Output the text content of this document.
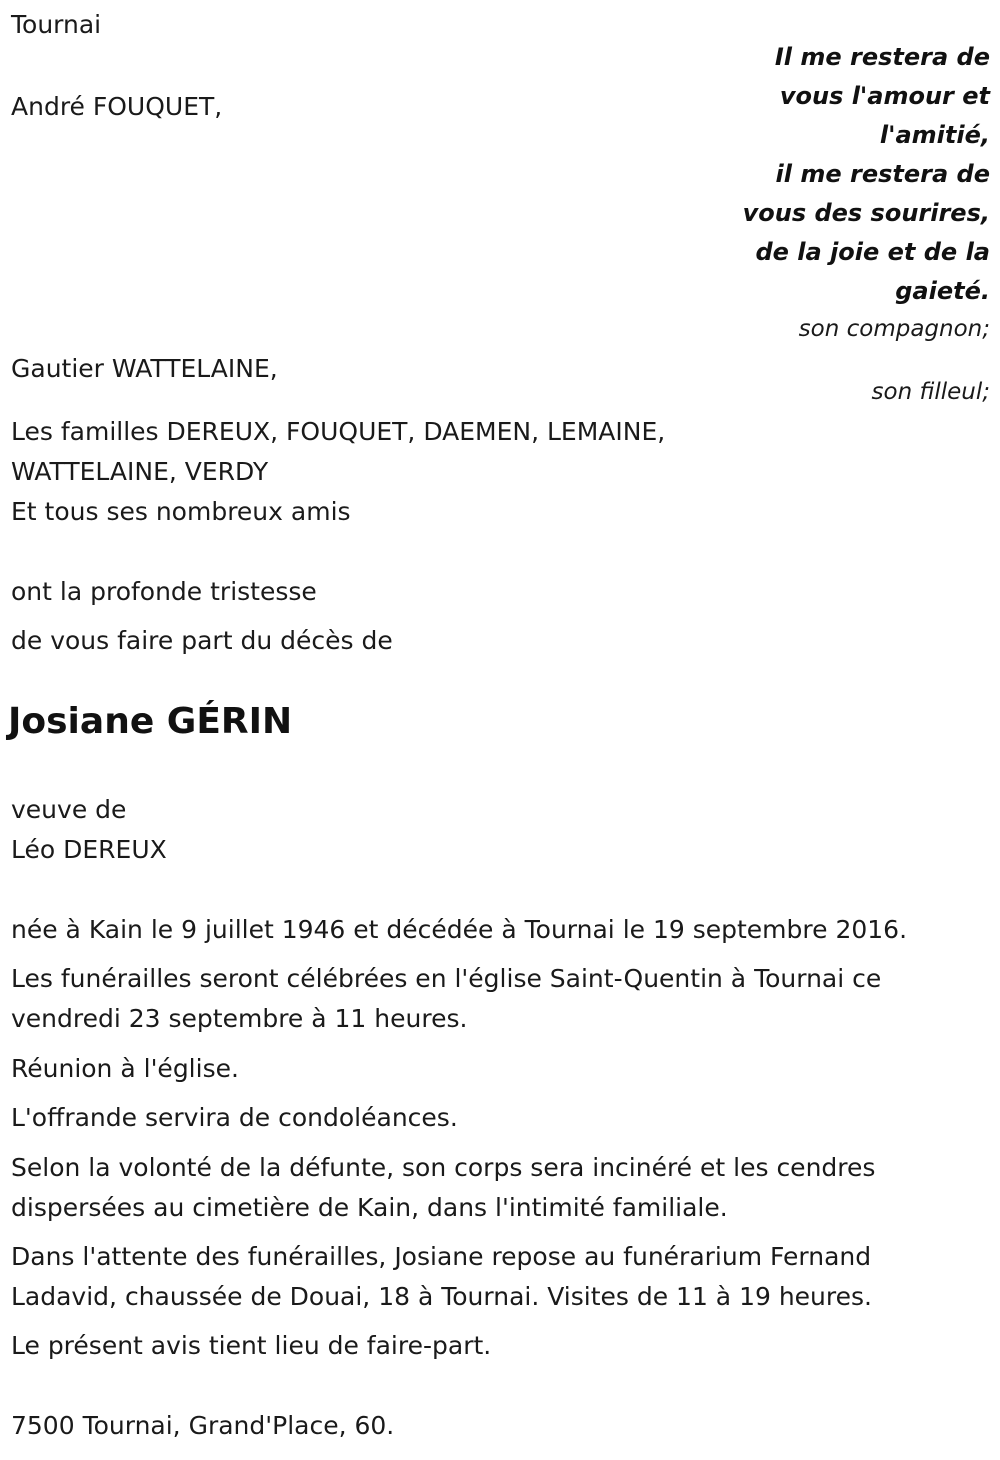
Tournai

Il me restera de

vous l'amour et

l'amitié,

il me restera de

vous des sourires,

de la joie et de la

gaieté.

André FOUQUET,

son compagnon;

Gautier WATTELAINE,

son filleul;

Les familles DEREUX, FOUQUET, DAEMEN, LEMAINE,

WATTELAINE, VERDY

Et tous ses nombreux amis

ont la profonde tristesse

de vous faire part du décès de

Josiane GÉRIN

veuve de

Léo DEREUX

née à Kain le 9 juillet 1946 et décédée à Tournai le 19 septembre 2016.

Les funérailles seront célébrées en l'église Saint-Quentin à Tournai ce vendredi 23 septembre à 11 heures.

Réunion à l'église.

L'offrande servira de condoléances.

Selon la volonté de la défunte, son corps sera incinéré et les cendres dispersées au cimetière de Kain, dans l'intimité familiale.

Dans l'attente des funérailles, Josiane repose au funérarium Fernand Ladavid, chaussée de Douai, 18 à Tournai. Visites de 11 à 19 heures.

Le présent avis tient lieu de faire-part.

7500 Tournai, Grand'Place, 60.
